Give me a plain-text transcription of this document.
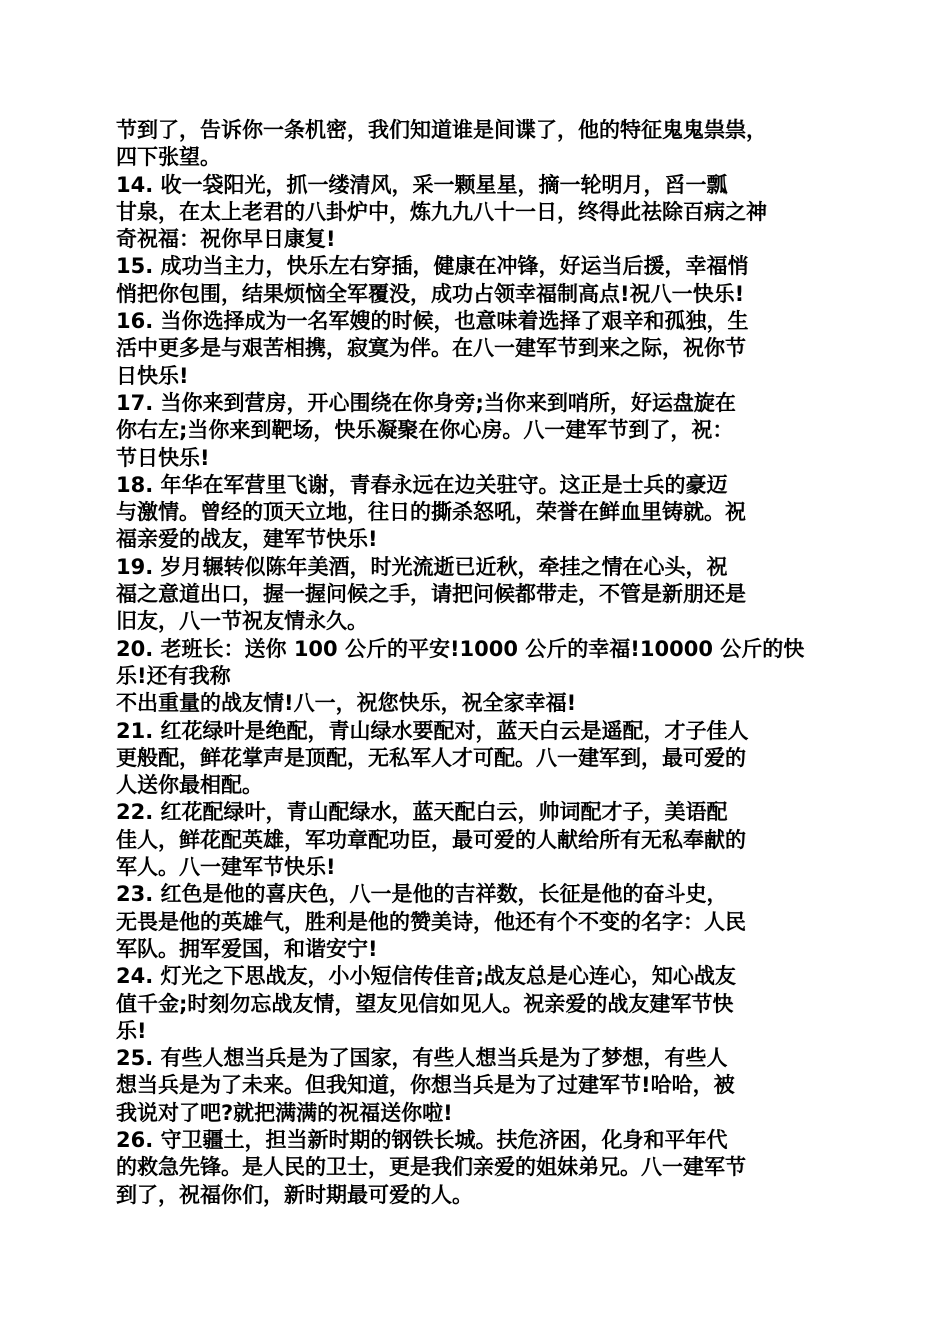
节到了，告诉你一条机密，我们知道谁是间谍了，他的特征鬼鬼祟祟，
四下张望。
14. 收一袋阳光，抓一缕清风，采一颗星星，摘一轮明月，舀一瓢
甘泉，在太上老君的八卦炉中，炼九九八十一日，终得此祛除百病之神
奇祝福：祝你早日康复!
15. 成功当主力，快乐左右穿插，健康在冲锋，好运当后援，幸福悄
悄把你包围，结果烦恼全军覆没，成功占领幸福制高点!祝八一快乐!
16. 当你选择成为一名军嫂的时候，也意味着选择了艰辛和孤独，生
活中更多是与艰苦相携，寂寞为伴。在八一建军节到来之际，祝你节
日快乐!
17. 当你来到营房，开心围绕在你身旁;当你来到哨所，好运盘旋在
你右左;当你来到靶场，快乐凝聚在你心房。八一建军节到了，祝：
节日快乐!
18. 年华在军营里飞谢，青春永远在边关驻守。这正是士兵的豪迈
与激情。曾经的顶天立地，往日的撕杀怒吼，荣誉在鲜血里铸就。祝
福亲爱的战友，建军节快乐!
19. 岁月辗转似陈年美酒，时光流逝已近秋，牵挂之情在心头，祝
福之意道出口，握一握问候之手，请把问候都带走，不管是新朋还是
旧友，八一节祝友情永久。
20. 老班长：送你 100 公斤的平安!1000 公斤的幸福!10000 公斤的快
乐!还有我称
不出重量的战友情!八一，祝您快乐，祝全家幸福!
21. 红花绿叶是绝配，青山绿水要配对，蓝天白云是遥配，才子佳人
更般配，鲜花掌声是顶配，无私军人才可配。八一建军到，最可爱的
人送你最相配。
22. 红花配绿叶，青山配绿水，蓝天配白云，帅词配才子，美语配
佳人，鲜花配英雄，军功章配功臣，最可爱的人献给所有无私奉献的
军人。八一建军节快乐!
23. 红色是他的喜庆色，八一是他的吉祥数，长征是他的奋斗史，
无畏是他的英雄气，胜利是他的赞美诗，他还有个不变的名字：人民
军队。拥军爱国，和谐安宁!
24. 灯光之下思战友，小小短信传佳音;战友总是心连心，知心战友
值千金;时刻勿忘战友情，望友见信如见人。祝亲爱的战友建军节快
乐!
25. 有些人想当兵是为了国家，有些人想当兵是为了梦想，有些人
想当兵是为了未来。但我知道，你想当兵是为了过建军节!哈哈，被
我说对了吧?就把满满的祝福送你啦!
26. 守卫疆土，担当新时期的钢铁长城。扶危济困，化身和平年代
的救急先锋。是人民的卫士，更是我们亲爱的姐妹弟兄。八一建军节
到了，祝福你们，新时期最可爱的人。
